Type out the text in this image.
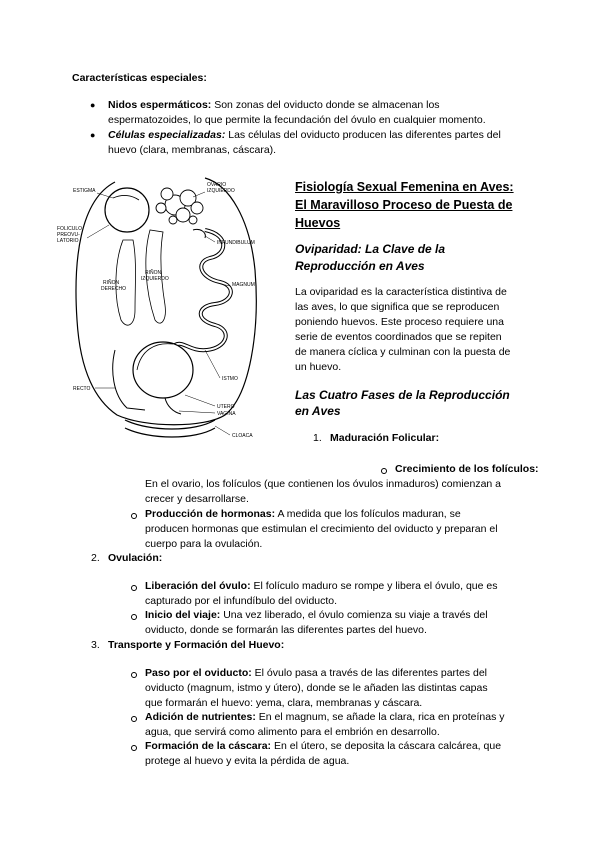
Características especiales:
● Nidos espermáticos: Son zonas del oviducto donde se almacenan los
espermatozoides, lo que permite la fecundación del óvulo en cualquier momento.
● Células especializadas: Las células del oviducto producen las diferentes partes del
huevo (clara, membranas, cáscara).
ESTIGMA
OVARIO
IZQUIERDO
FOLICULO
PREOVU-
LATORIO	INFUNDIBULUM
RIÑON
IZQUIERDO
RIÑON
DERECHO
MAGNUM
ISTMO
RECTO
UTERO
VAGINA
CLOACA
Fisiología Sexual Femenina en Aves:
El Maravilloso Proceso de Puesta de
Huevos
Oviparidad: La Clave de la
Reproducción en Aves
La oviparidad es la característica distintiva de
las aves, lo que significa que se reproducen
poniendo huevos. Este proceso requiere una
serie de eventos coordinados que se repiten
de manera cíclica y culminan con la puesta de
un huevo.
Las Cuatro Fases de la Reproducción
en Aves
1. Maduración Folicular:
Crecimiento de los folículos:
En el ovario, los folículos (que contienen los óvulos inmaduros) comienzan a
crecer y desarrollarse.
Producción de hormonas: A medida que los folículos maduran, se
producen hormonas que estimulan el crecimiento del oviducto y preparan el
cuerpo para la ovulación.
2. Ovulación:
Liberación del óvulo: El folículo maduro se rompe y libera el óvulo, que es
capturado por el infundíbulo del oviducto.
Inicio del viaje: Una vez liberado, el óvulo comienza su viaje a través del
oviducto, donde se formarán las diferentes partes del huevo.
3. Transporte y Formación del Huevo:
Paso por el oviducto: El óvulo pasa a través de las diferentes partes del
oviducto (magnum, istmo y útero), donde se le añaden las distintas capas
que formarán el huevo: yema, clara, membranas y cáscara.
Adición de nutrientes: En el magnum, se añade la clara, rica en proteínas y
agua, que servirá como alimento para el embrión en desarrollo.
Formación de la cáscara: En el útero, se deposita la cáscara calcárea, que
protege al huevo y evita la pérdida de agua.
